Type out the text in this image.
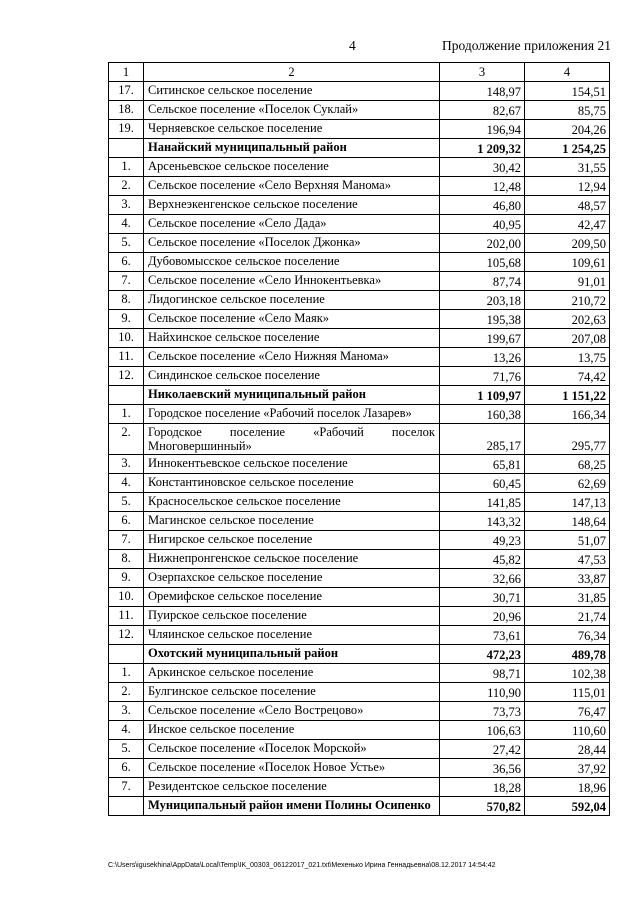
4	Продолжение приложения 21
1	2	3	4
17.	Ситинское сельское поселение	148,97	154,51
18.	Сельское поселение «Поселок Суклай»	82,67	85,75
19.	Черняевское сельское поселение	196,94	204,26
	Нанайский муниципальный район	1 209,32	1 254,25
1.	Арсеньевское сельское поселение	30,42	31,55
2.	Сельское поселение «Село Верхняя Манома»	12,48	12,94
3.	Верхнеэкенгенское сельское поселение	46,80	48,57
4.	Сельское поселение «Село Дада»	40,95	42,47
5.	Сельское поселение «Поселок Джонка»	202,00	209,50
6.	Дубовомысское сельское поселение	105,68	109,61
7.	Сельское поселение «Село Иннокентьевка»	87,74	91,01
8.	Лидогинское сельское поселение	203,18	210,72
9.	Сельское поселение «Село Маяк»	195,38	202,63
10.	Найхинское сельское поселение	199,67	207,08
11.	Сельское поселение «Село Нижняя Манома»	13,26	13,75
12.	Синдинское сельское поселение	71,76	74,42
	Николаевский муниципальный район	1 109,97	1 151,22
1.	Городское поселение «Рабочий поселок Лазарев»	160,38	166,34
2.	Городское поселение «Рабочий поселок Многовершинный»	285,17	295,77
3.	Иннокентьевское сельское поселение	65,81	68,25
4.	Константиновское сельское поселение	60,45	62,69
5.	Красносельское сельское поселение	141,85	147,13
6.	Магинское сельское поселение	143,32	148,64
7.	Нигирское сельское поселение	49,23	51,07
8.	Нижнепронгенское сельское поселение	45,82	47,53
9.	Озерпахское сельское поселение	32,66	33,87
10.	Оремифское сельское поселение	30,71	31,85
11.	Пуирское сельское поселение	20,96	21,74
12.	Чляинское сельское поселение	73,61	76,34
	Охотский муниципальный район	472,23	489,78
1.	Аркинское сельское поселение	98,71	102,38
2.	Булгинское сельское поселение	110,90	115,01
3.	Сельское поселение «Село Вострецово»	73,73	76,47
4.	Инское сельское поселение	106,63	110,60
5.	Сельское поселение «Поселок Морской»	27,42	28,44
6.	Сельское поселение «Поселок Новое Устье»	36,56	37,92
7.	Резидентское сельское поселение	18,28	18,96
	Муниципальный район имени Полины Осипенко	570,82	592,04
C:\Users\igusekhina\AppData\Local\Temp\IK_00303_06122017_021.txt\Мехенько Ирина Геннадьевна\08.12.2017 14:54:42
